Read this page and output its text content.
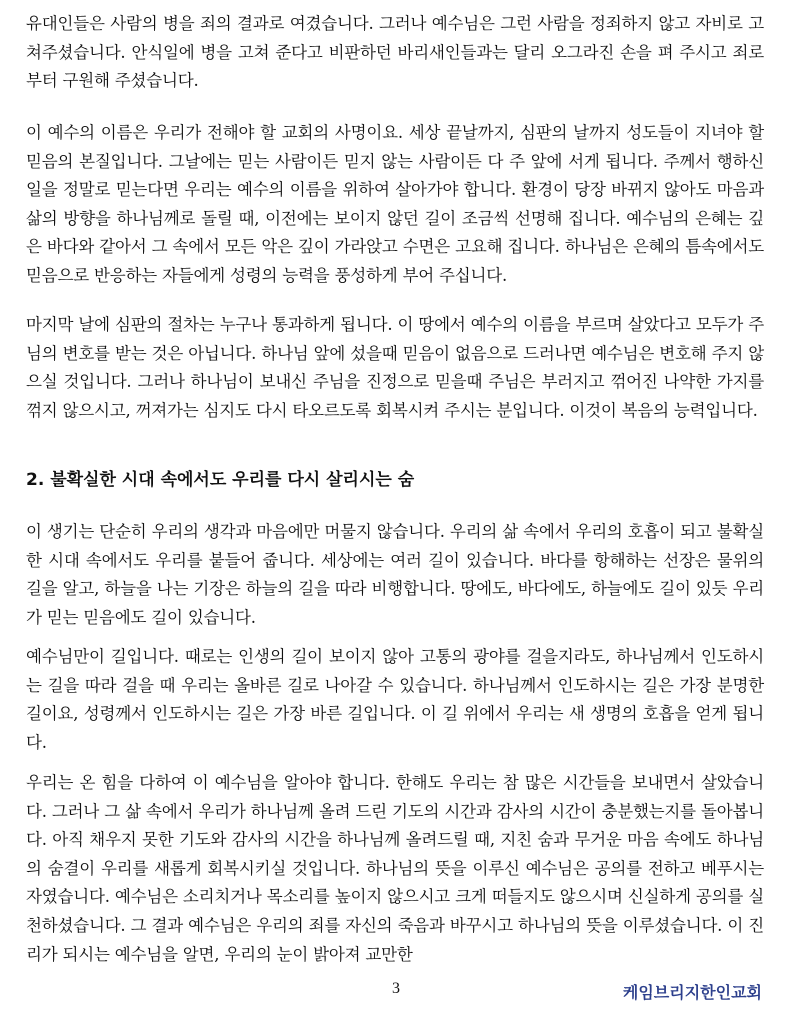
유대인들은 사람의 병을 죄의 결과로 여겼습니다. 그러나 예수님은 그런 사람을 정죄하지 않고 자비로 고쳐주셨습니다. 안식일에 병을 고쳐 준다고 비판하던 바리새인들과는 달리 오그라진 손을 펴 주시고 죄로 부터 구원해 주셨습니다.

이 예수의 이름은 우리가 전해야 할 교회의 사명이요. 세상 끝날까지, 심판의 날까지 성도들이 지녀야 할 믿음의 본질입니다. 그날에는 믿는 사람이든 믿지 않는 사람이든 다 주 앞에 서게 됩니다. 주께서 행하신 일을 정말로 믿는다면 우리는 예수의 이름을 위하여 살아가야 합니다. 환경이 당장 바뀌지 않아도 마음과 삶의 방향을 하나님께로 돌릴 때, 이전에는 보이지 않던 길이 조금씩 선명해 집니다. 예수님의 은혜는 깊은 바다와 같아서 그 속에서 모든 악은 깊이 가라앉고 수면은 고요해 집니다. 하나님은 은혜의 틈속에서도 믿음으로 반응하는 자들에게 성령의 능력을 풍성하게 부어 주십니다.

마지막 날에 심판의 절차는 누구나 통과하게 됩니다. 이 땅에서 예수의 이름을 부르며 살았다고 모두가 주님의 변호를 받는 것은 아닙니다. 하나님 앞에 섰을때 믿음이 없음으로 드러나면 예수님은 변호해 주지 않으실 것입니다. 그러나 하나님이 보내신 주님을 진정으로 믿을때 주님은 부러지고 꺾어진 나약한 가지를 꺾지 않으시고, 꺼져가는 심지도 다시 타오르도록 회복시켜 주시는 분입니다. 이것이 복음의 능력입니다.

2. 불확실한 시대 속에서도 우리를 다시 살리시는 숨

이 생기는 단순히 우리의 생각과 마음에만 머물지 않습니다. 우리의 삶 속에서 우리의 호흡이 되고 불확실한 시대 속에서도 우리를 붙들어 줍니다. 세상에는 여러 길이 있습니다. 바다를 항해하는 선장은 물위의 길을 알고, 하늘을 나는 기장은 하늘의 길을 따라 비행합니다. 땅에도, 바다에도, 하늘에도 길이 있듯 우리가 믿는 믿음에도 길이 있습니다.

예수님만이 길입니다. 때로는 인생의 길이 보이지 않아 고통의 광야를 걸을지라도, 하나님께서 인도하시는 길을 따라 걸을 때 우리는 올바른 길로 나아갈 수 있습니다. 하나님께서 인도하시는 길은 가장 분명한 길이요, 성령께서 인도하시는 길은 가장 바른 길입니다. 이 길 위에서 우리는 새 생명의 호흡을 얻게 됩니다.

우리는 온 힘을 다하여 이 예수님을 알아야 합니다. 한해도 우리는 참 많은 시간들을 보내면서 살았습니다. 그러나 그 삶 속에서 우리가 하나님께 올려 드린 기도의 시간과 감사의 시간이 충분했는지를 돌아봅니다. 아직 채우지 못한 기도와 감사의 시간을 하나님께 올려드릴 때, 지친 숨과 무거운 마음 속에도 하나님의 숨결이 우리를 새롭게 회복시키실 것입니다. 하나님의 뜻을 이루신 예수님은 공의를 전하고 베푸시는 자였습니다. 예수님은 소리치거나 목소리를 높이지 않으시고 크게 떠들지도 않으시며 신실하게 공의를 실천하셨습니다. 그 결과 예수님은 우리의 죄를 자신의 죽음과 바꾸시고 하나님의 뜻을 이루셨습니다. 이 진리가 되시는 예수님을 알면, 우리의 눈이 밝아져 교만한

3	케임브리지한인교회
